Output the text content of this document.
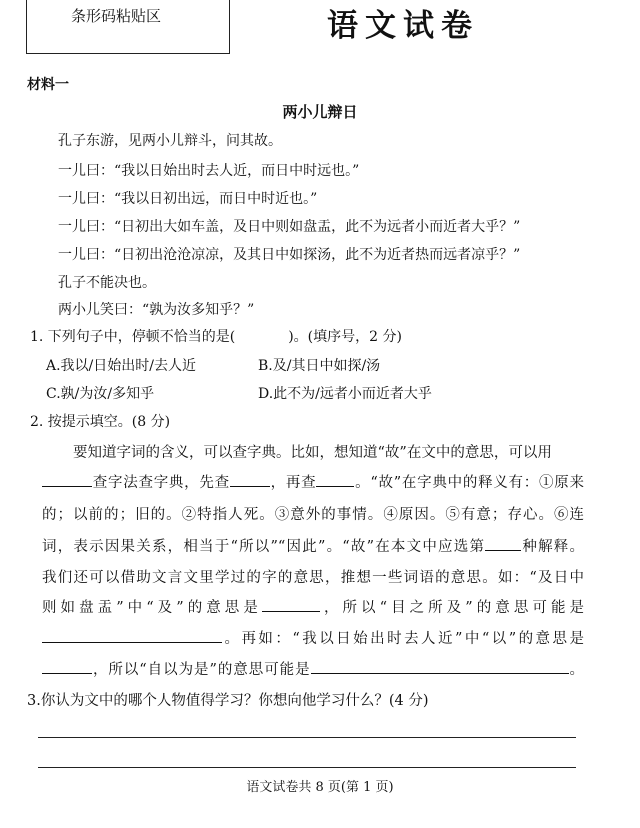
条形码粘贴区	语文试卷
材料一
两小儿辩日
孔子东游，见两小儿辩斗，问其故。
一儿曰：“我以日始出时去人近，而日中时远也。”
一儿曰：“我以日初出远，而日中时近也。”
一儿曰：“日初出大如车盖，及日中则如盘盂，此不为远者小而近者大乎？”
一儿曰：“日初出沧沧凉凉，及其日中如探汤，此不为近者热而远者凉乎？”
孔子不能决也。
两小儿笑曰：“孰为汝多知乎？”
1. 下列句子中，停顿不恰当的是(	)。(填序号，2 分)
A.我以/日始出时/去人近	B.及/其日中如探/汤
C.孰/为汝/多知乎	D.此不为/远者小而近者大乎
2. 按提示填空。(8 分)
要知道字词的含义，可以查字典。比如，想知道“故”在文中的意思，可以用
查字法查字典，先查	，再查	。“故”在字典中的释义有：①原来
的；以前的；旧的。②特指人死。③意外的事情。④原因。⑤有意；存心。⑥连
词，表示因果关系，相当于“所以”“因此”。“故”在本文中应选第 种解释。
我们还可以借助文言文里学过的字的意思，推想一些词语的意思。如：“及日中
则如盘盂”中“及”的意思是	，所以“目之所及”的意思可能是
。再如：“我以日始出时去人近”中“以”的意思是
，所以“自以为是”的意思可能是	。
3.你认为文中的哪个人物值得学习？你想向他学习什么？(4 分)
语文试卷共 8 页(第 1 页)
